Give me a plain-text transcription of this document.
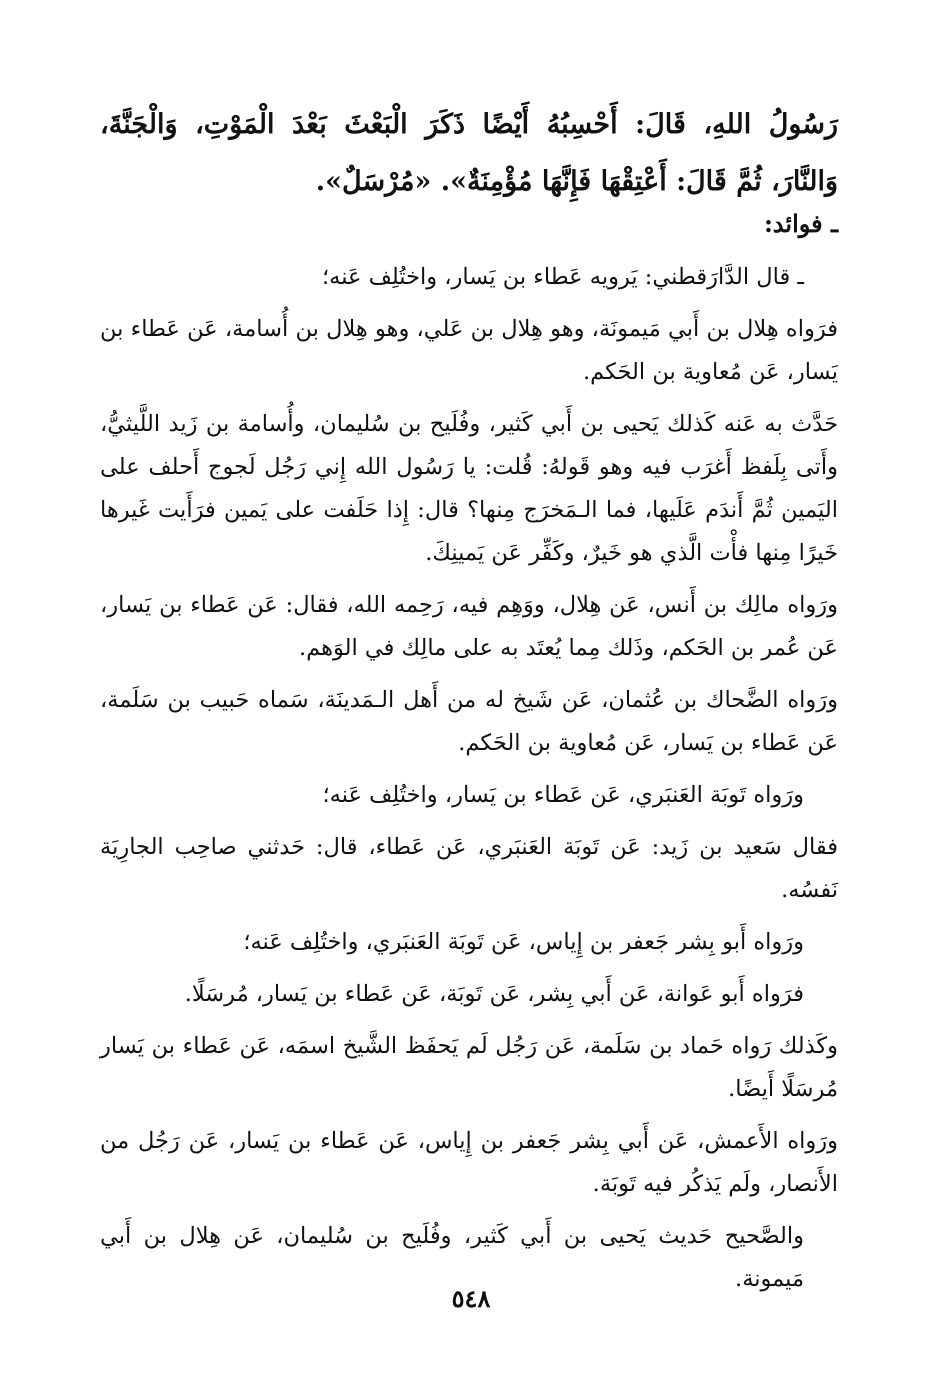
رَسُولُ اللهِ، قَالَ: أَحْسِبُهُ أَيْضًا ذَكَرَ الْبَعْثَ بَعْدَ الْمَوْتِ، وَالْجَنَّةَ، وَالنَّارَ، ثُمَّ قَالَ: أَعْتِقْهَا فَإِنَّهَا مُؤْمِنَةٌ». «مُرْسَلٌ».
ـ فوائد:

ـ قال الدَّارَقطني: يَرويه عَطاء بن يَسار، واختُلِف عَنه؛

فرَواه هِلال بن أَبي مَيمونَة، وهو هِلال بن عَلي، وهو هِلال بن أُسامة، عَن عَطاء بن يَسار، عَن مُعاوية بن الحَكم.

حَدَّث به عَنه كَذلك يَحيى بن أَبي كَثير، وفُلَيح بن سُليمان، وأُسامة بن زَيد اللَّيثيُّ، وأَتى بِلَفظ أَغرَب فيه وهو قَولهُ: قُلت: يا رَسُول الله إِني رَجُل لَجوج أَحلف على اليَمين ثُمَّ أَندَم عَلَيها، فما الـمَخرَج مِنها؟ قال: إِذا حَلَفت على يَمين فرَأَيت غَيرها خَيرًا مِنها فأْت الَّذي هو خَيرٌ، وكَفِّر عَن يَمينِكَ.

ورَواه مالِك بن أَنس، عَن هِلال، ووَهِم فيه، رَحِمه الله، فقال: عَن عَطاء بن يَسار، عَن عُمر بن الحَكم، وذَلك مِما يُعتَد به على مالِك في الوَهم.

ورَواه الضَّحاك بن عُثمان، عَن شَيخ له من أَهل الـمَدينَة، سَماه حَبيب بن سَلَمة، عَن عَطاء بن يَسار، عَن مُعاوية بن الحَكم.

ورَواه تَوبَة العَنبَري، عَن عَطاء بن يَسار، واختُلِف عَنه؛

فقال سَعيد بن زَيد: عَن تَوبَة العَنبَري، عَن عَطاء، قال: حَدثني صاحِب الجارِيَة نَفسُه.

ورَواه أَبو بِشر جَعفر بن إِياس، عَن تَوبَة العَنبَري، واختُلِف عَنه؛

فرَواه أَبو عَوانة، عَن أَبي بِشر، عَن تَوبَة، عَن عَطاء بن يَسار، مُرسَلًا.

وكَذلك رَواه حَماد بن سَلَمة، عَن رَجُل لَم يَحفَظ الشَّيخ اسمَه، عَن عَطاء بن يَسار مُرسَلًا أَيضًا.

ورَواه الأَعمش، عَن أَبي بِشر جَعفر بن إِياس، عَن عَطاء بن يَسار، عَن رَجُل من الأَنصار، ولَم يَذكُر فيه تَوبَة.

والصَّحيح حَديث يَحيى بن أَبي كَثير، وفُلَيح بن سُليمان، عَن هِلال بن أَبي مَيمونة.

٥٤٨
